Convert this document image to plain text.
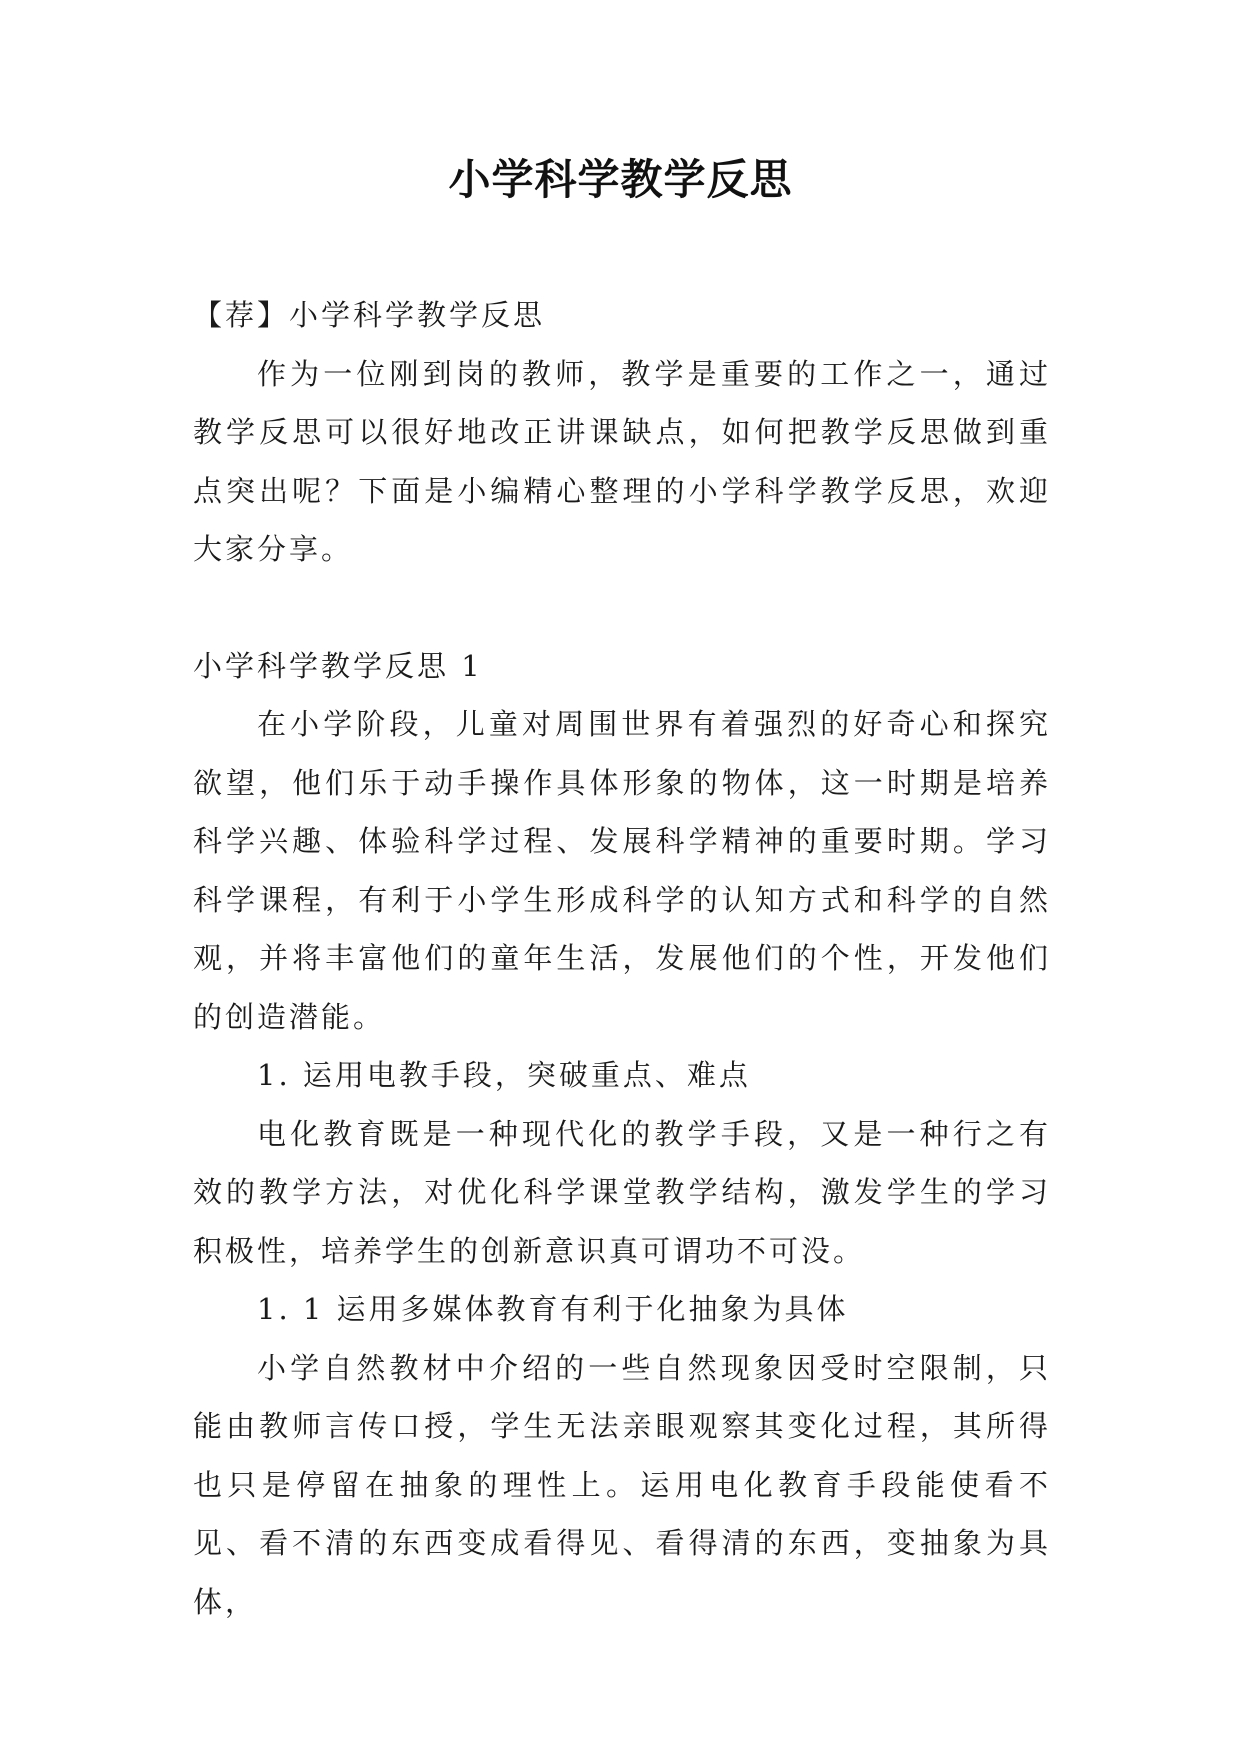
小学科学教学反思

【荐】小学科学教学反思

作为一位刚到岗的教师，教学是重要的工作之一，通过教学反思可以很好地改正讲课缺点，如何把教学反思做到重点突出呢？下面是小编精心整理的小学科学教学反思，欢迎大家分享。

小学科学教学反思 1

在小学阶段，儿童对周围世界有着强烈的好奇心和探究欲望，他们乐于动手操作具体形象的物体，这一时期是培养科学兴趣、体验科学过程、发展科学精神的重要时期。学习科学课程，有利于小学生形成科学的认知方式和科学的自然观，并将丰富他们的童年生活，发展他们的个性，开发他们的创造潜能。

1. 运用电教手段，突破重点、难点

电化教育既是一种现代化的教学手段，又是一种行之有效的教学方法，对优化科学课堂教学结构，激发学生的学习积极性，培养学生的创新意识真可谓功不可没。

1. 1 运用多媒体教育有利于化抽象为具体

小学自然教材中介绍的一些自然现象因受时空限制，只能由教师言传口授，学生无法亲眼观察其变化过程，其所得也只是停留在抽象的理性上。运用电化教育手段能使看不见、看不清的东西变成看得见、看得清的东西，变抽象为具体，
